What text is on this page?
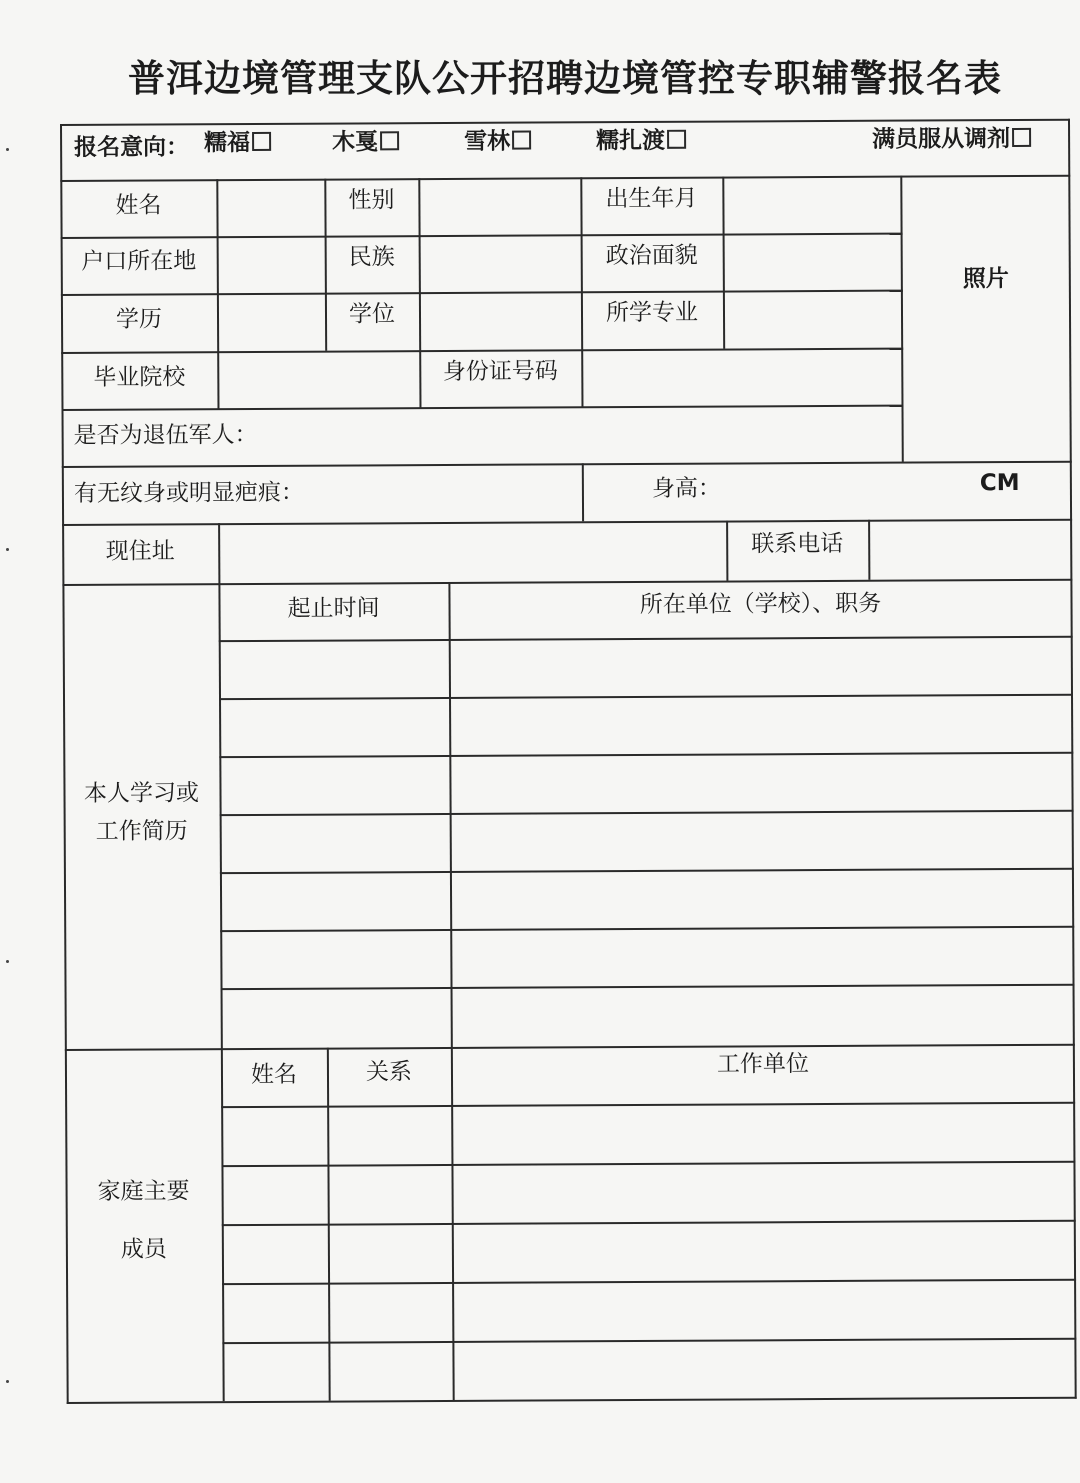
普洱边境管理支队公开招聘边境管控专职辅警报名表
报名意向： 糯福	木戛	雪林	糯扎渡	满员服从调剂
姓名	性别	出生年月
照片
户口所在地	民族	政治面貌
学历	学位	所学专业
毕业院校	身份证号码
是否为退伍军人：
有无纹身或明显疤痕：	身高：	CM
现住址	联系电话
本人学习或
工作简历
起止时间	所在单位（学校）、职务
家庭主要
成员
姓名	关系	工作单位
